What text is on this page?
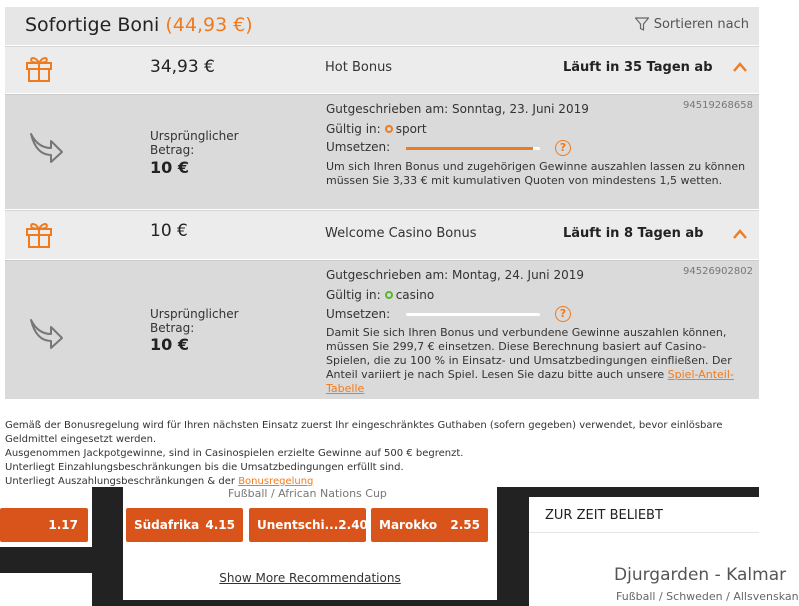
Sofortige Boni (44,93 €)	Sortieren nach
34,93 €	Hot Bonus	Läuft in 35 Tagen ab
Ursprünglicher Betrag:
10 €
94519268658
Gutgeschrieben am: Sonntag, 23. Juni 2019
Gültig in: sport
Umsetzen:	?
Um sich Ihren Bonus und zugehörigen Gewinne auszahlen lassen zu können müssen Sie 3,33 € mit kumulativen Quoten von mindestens 1,5 wetten.
10 €	Welcome Casino Bonus	Läuft in 8 Tagen ab
Ursprünglicher Betrag:
10 €
94526902802
Gutgeschrieben am: Montag, 24. Juni 2019
Gültig in: casino
Umsetzen:	?
Damit Sie sich Ihren Bonus und verbundene Gewinne auszahlen können, müssen Sie 299,7 € einsetzen. Diese Berechnung basiert auf Casino-Spielen, die zu 100 % in Einsatz- und Umsatzbedingungen einfließen. Der Anteil variiert je nach Spiel. Lesen Sie dazu bitte auch unsere Spiel-Anteil-Tabelle
Gemäß der Bonusregelung wird für Ihren nächsten Einsatz zuerst Ihr eingeschränktes Guthaben (sofern gegeben) verwendet, bevor einlösbare Geldmittel eingesetzt werden.
Ausgenommen Jackpotgewinne, sind in Casinospielen erzielte Gewinne auf 500 € begrenzt.
Unterliegt Einzahlungsbeschränkungen bis die Umsatzbedingungen erfüllt sind.
Unterliegt Auszahlungsbeschränkungen & der Bonusregelung
1.17
Fußball / African Nations Cup
Südafrika 4.15 Unentschi... 2.40 Marokko 2.55
Show More Recommendations
ZUR ZEIT BELIEBT
Djurgarden - Kalmar
Fußball / Schweden / Allsvenskan
